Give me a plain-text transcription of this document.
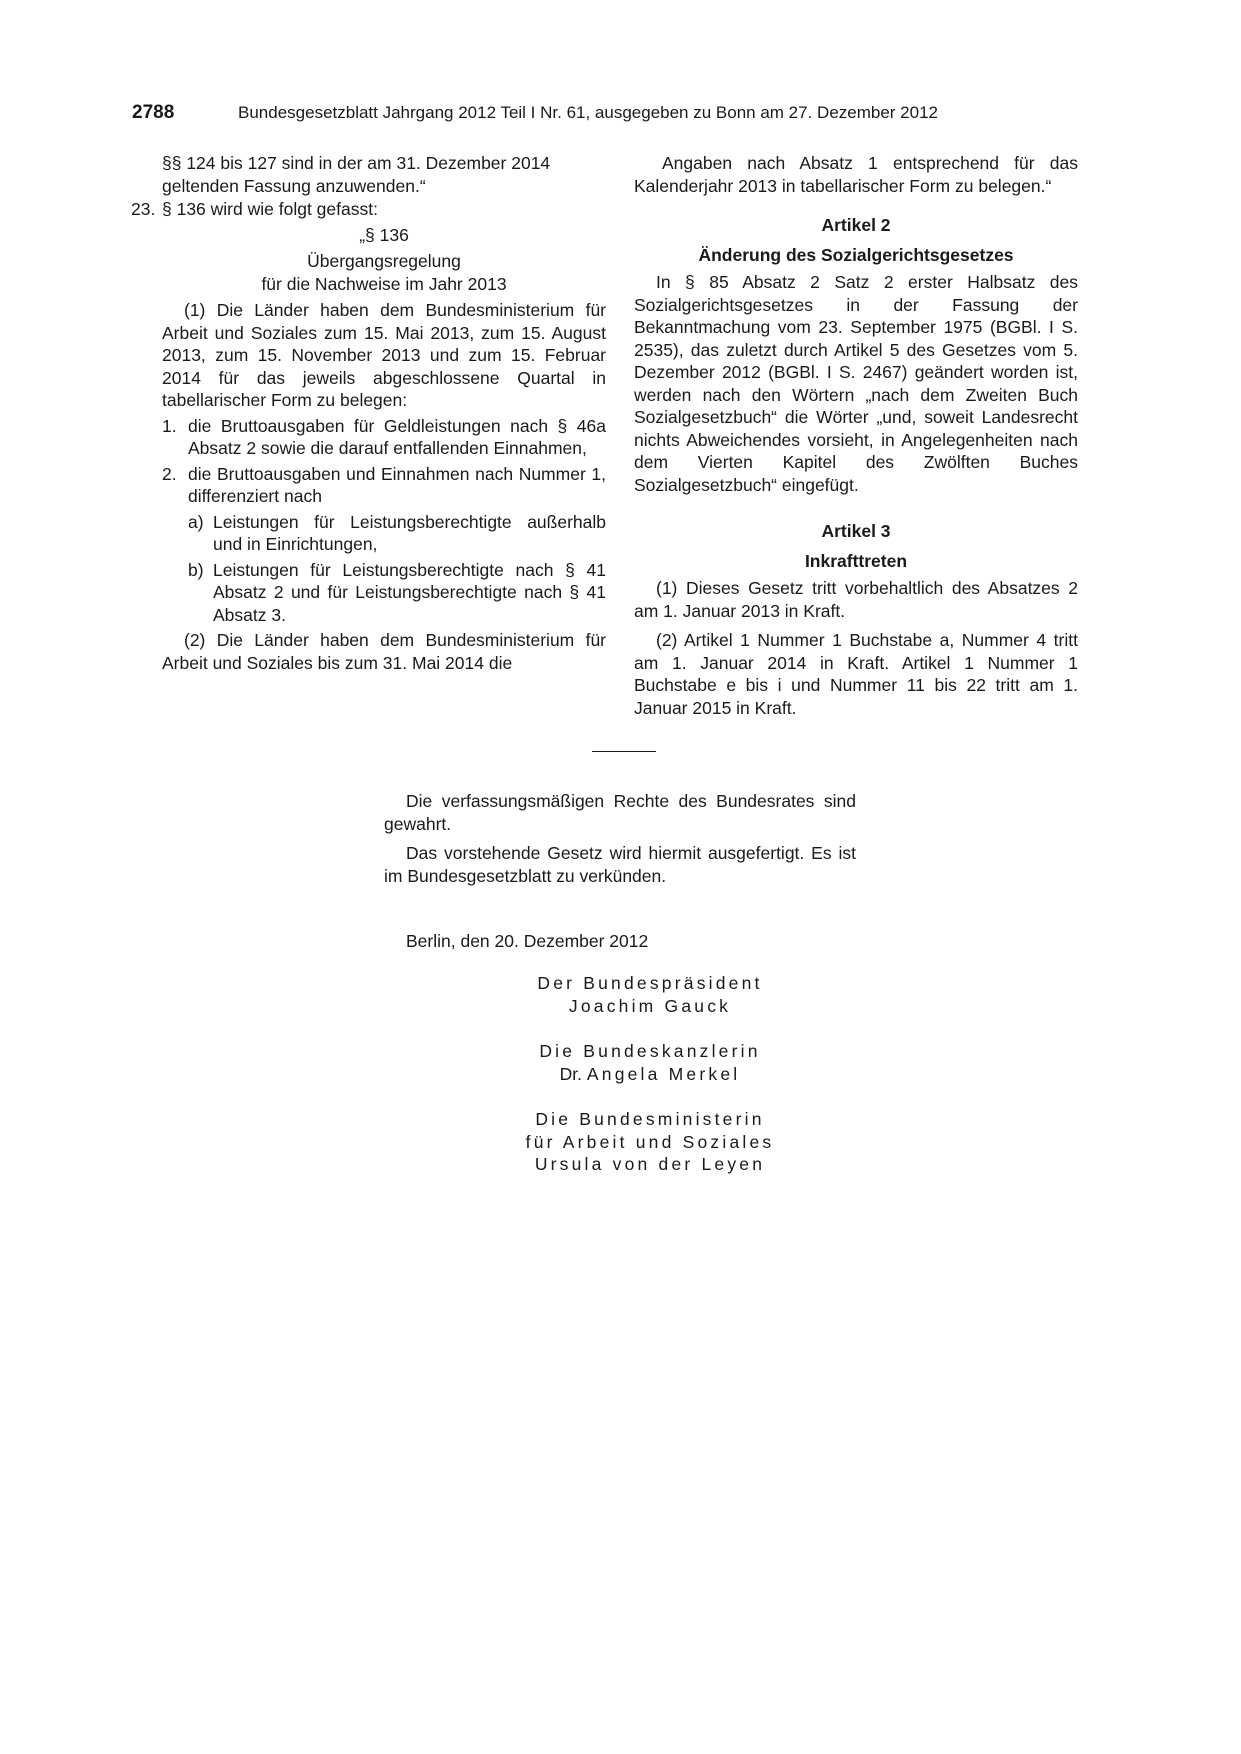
2788	Bundesgesetzblatt Jahrgang 2012 Teil I Nr. 61, ausgegeben zu Bonn am 27. Dezember 2012

§§ 124 bis 127 sind in der am 31. Dezember 2014

geltenden Fassung anzuwenden.“

23. § 136 wird wie folgt gefasst:

„§ 136

Übergangsregelung

für die Nachweise im Jahr 2013

(1) Die Länder haben dem Bundesministerium für Arbeit und Soziales zum 15. Mai 2013, zum 15. August 2013, zum 15. November 2013 und zum 15. Februar 2014 für das jeweils abgeschlossene Quartal in tabellarischer Form zu belegen:

1. die Bruttoausgaben für Geldleistungen nach § 46a Absatz 2 sowie die darauf entfallenden Einnahmen,
2. die Bruttoausgaben und Einnahmen nach Nummer 1, differenziert nach
a) Leistungen für Leistungsberechtigte außerhalb und in Einrichtungen,
b) Leistungen für Leistungsberechtigte nach § 41 Absatz 2 und für Leistungsberechtigte nach § 41 Absatz 3.

(2) Die Länder haben dem Bundesministerium für Arbeit und Soziales bis zum 31. Mai 2014 die

Angaben nach Absatz 1 entsprechend für das Kalenderjahr 2013 in tabellarischer Form zu belegen.“

Artikel 2

Änderung des Sozialgerichtsgesetzes

In § 85 Absatz 2 Satz 2 erster Halbsatz des Sozialgerichtsgesetzes in der Fassung der Bekanntmachung vom 23. September 1975 (BGBl. I S. 2535), das zuletzt durch Artikel 5 des Gesetzes vom 5. Dezember 2012 (BGBl. I S. 2467) geändert worden ist, werden nach den Wörtern „nach dem Zweiten Buch Sozialgesetzbuch“ die Wörter „und, soweit Landesrecht nichts Abweichendes vorsieht, in Angelegenheiten nach dem Vierten Kapitel des Zwölften Buches Sozialgesetzbuch“ eingefügt.

Artikel 3

Inkrafttreten

(1) Dieses Gesetz tritt vorbehaltlich des Absatzes 2 am 1. Januar 2013 in Kraft.

(2) Artikel 1 Nummer 1 Buchstabe a, Nummer 4 tritt am 1. Januar 2014 in Kraft. Artikel 1 Nummer 1 Buchstabe e bis i und Nummer 11 bis 22 tritt am 1. Januar 2015 in Kraft.

Die verfassungsmäßigen Rechte des Bundesrates sind gewahrt.

Das vorstehende Gesetz wird hiermit ausgefertigt. Es ist im Bundesgesetzblatt zu verkünden.

Berlin, den 20. Dezember 2012

Der Bundespräsident
Joachim Gauck
Die Bundeskanzlerin
Dr. Angela Merkel
Die Bundesministerin
für Arbeit und Soziales
Ursula von der Leyen
